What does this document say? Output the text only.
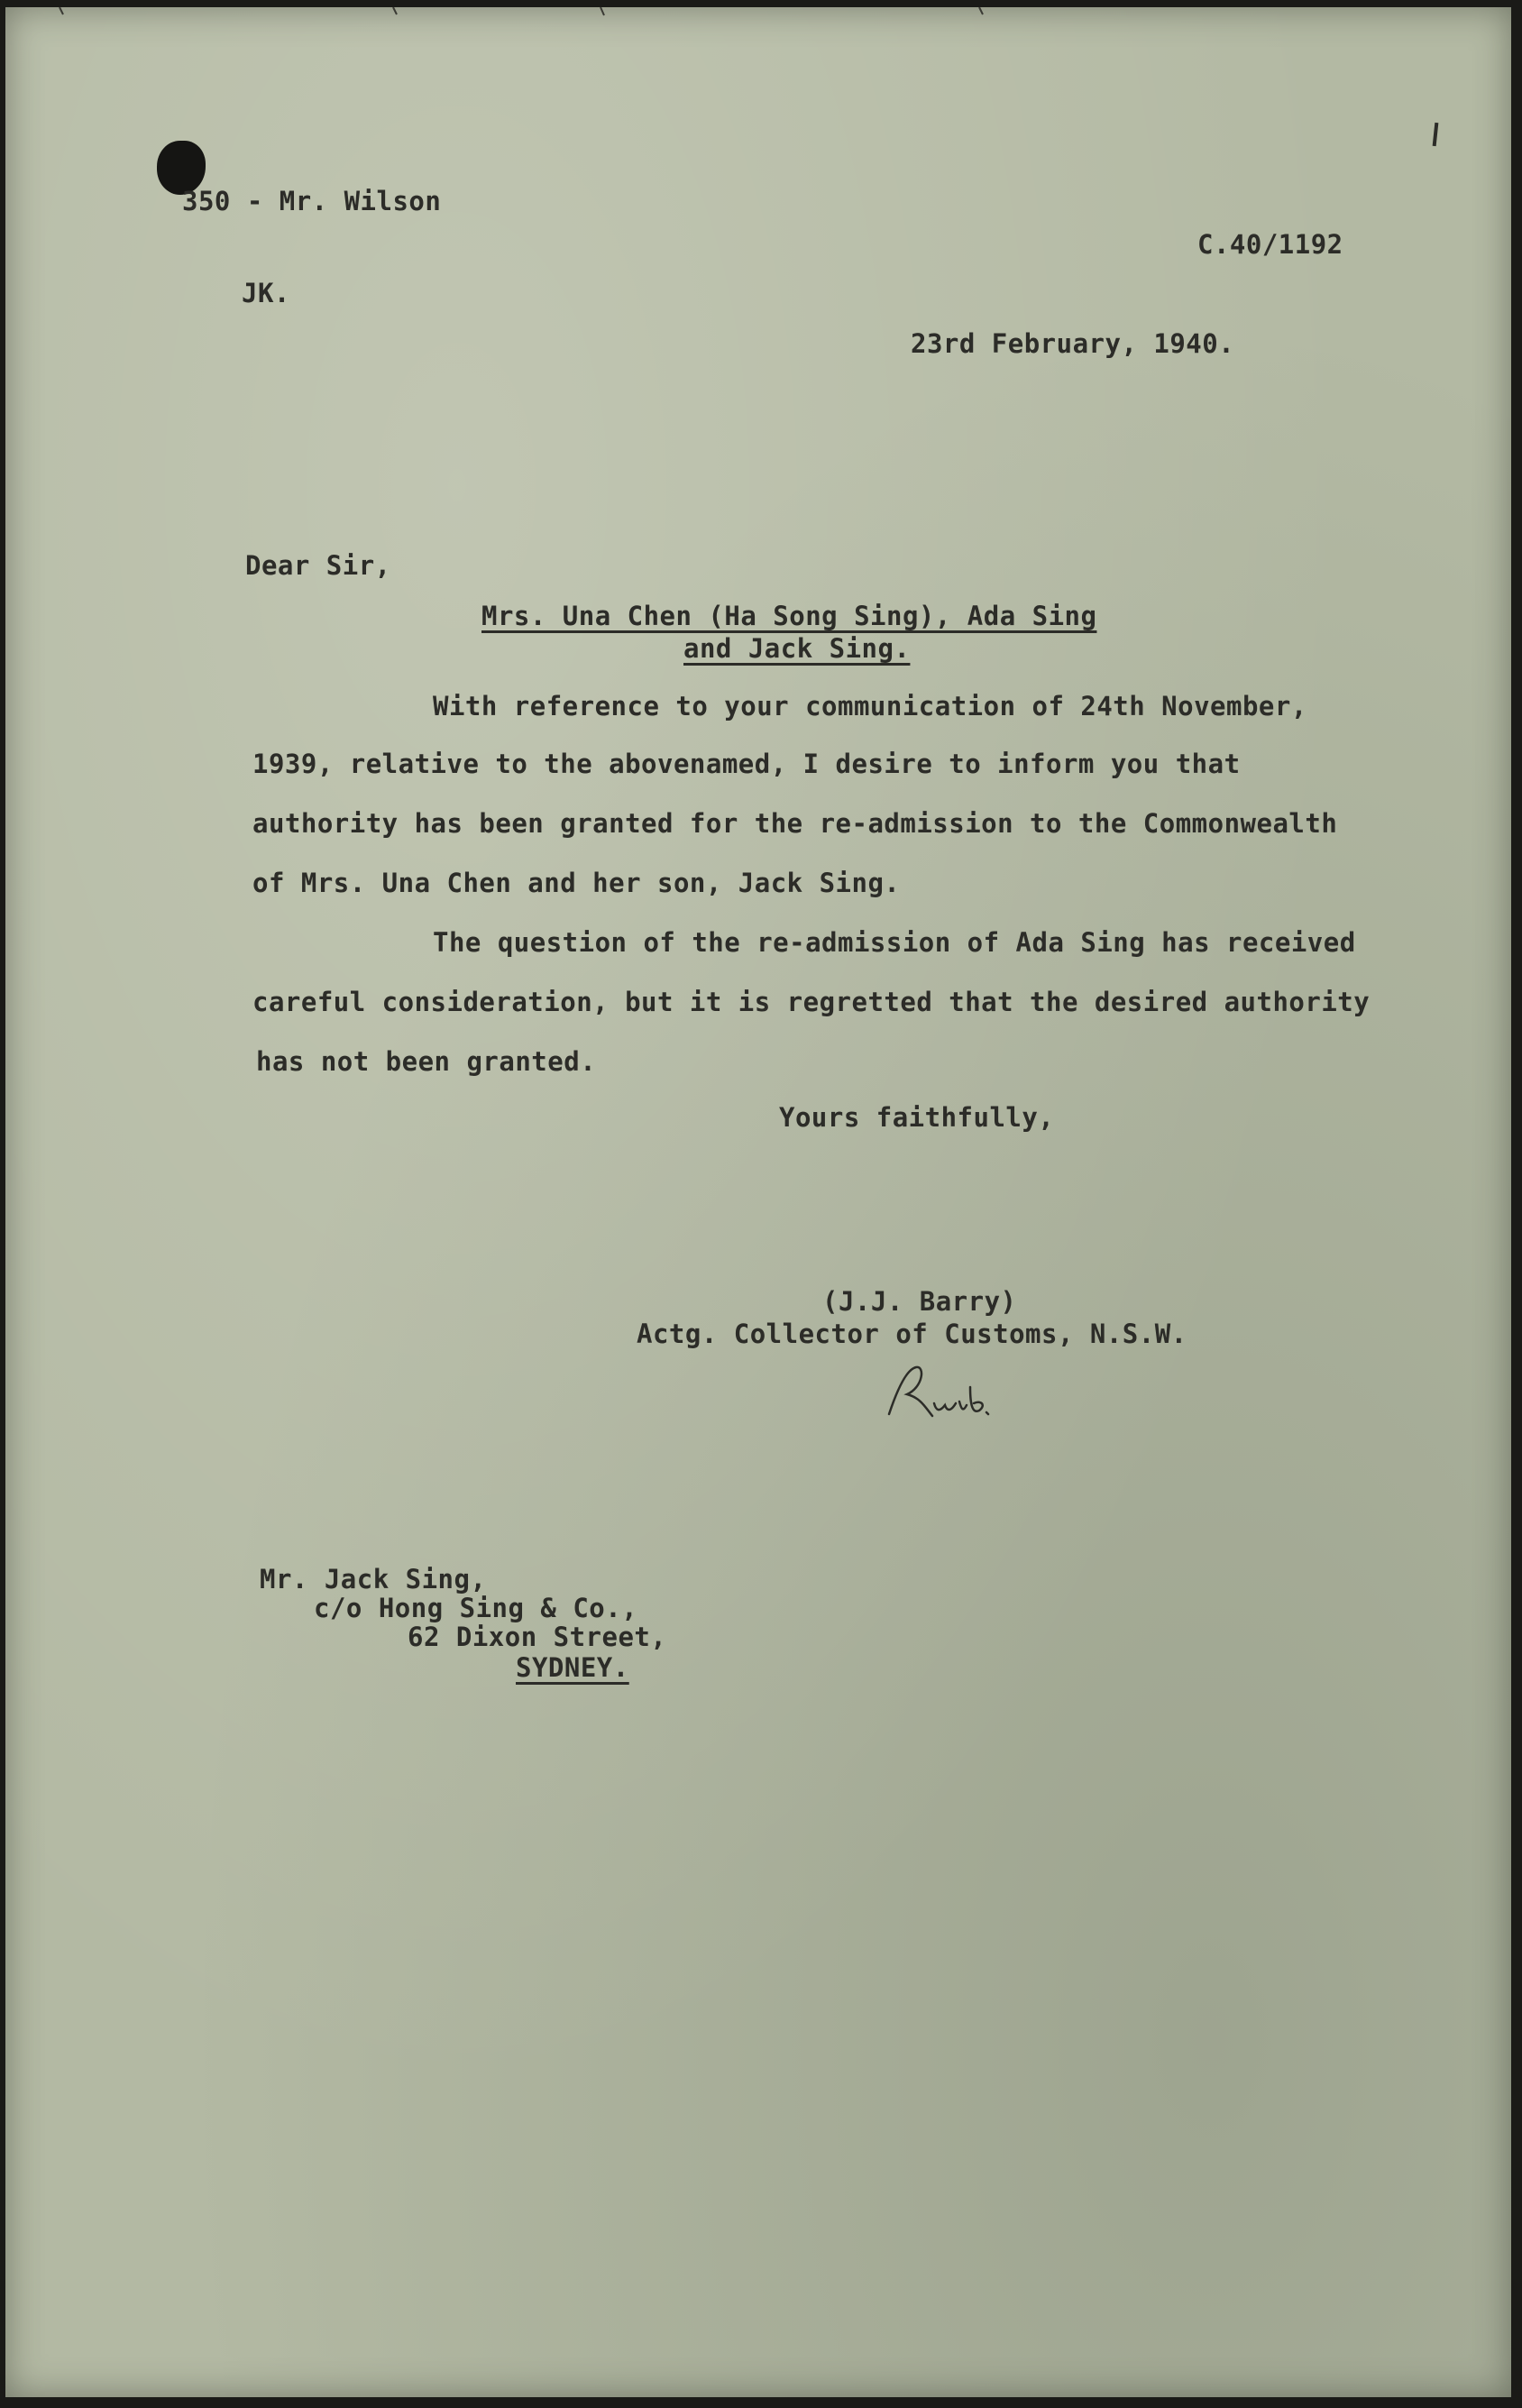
350 - Mr. Wilson
C.40/1192
JK.
23rd February, 1940.
Dear Sir,
Mrs. Una Chen (Ha Song Sing), Ada Sing
and Jack Sing.
With reference to your communication of 24th November,
1939, relative to the abovenamed, I desire to inform you that
authority has been granted for the re-admission to the Commonwealth
of Mrs. Una Chen and her son, Jack Sing.
The question of the re-admission of Ada Sing has received
careful consideration, but it is regretted that the desired authority
has not been granted.
Yours faithfully,
(J.J. Barry)
Actg. Collector of Customs, N.S.W.
Mr. Jack Sing,
c/o Hong Sing & Co.,
62 Dixon Street,
SYDNEY.
